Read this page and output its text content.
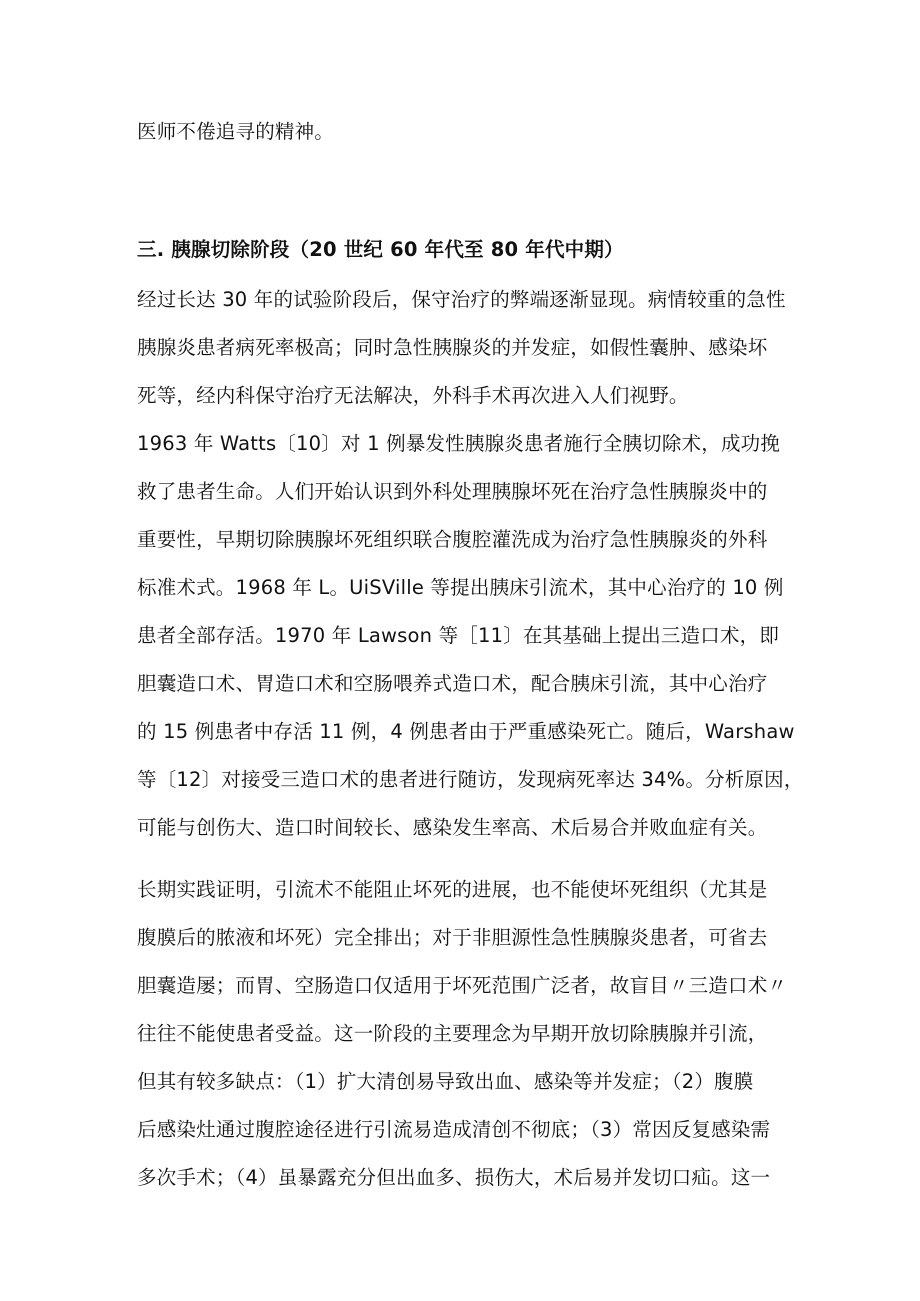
医师不倦追寻的精神。
三. 胰腺切除阶段（20 世纪 60 年代至 80 年代中期）
经过长达 30 年的试验阶段后，保守治疗的弊端逐渐显现。病情较重的急性
胰腺炎患者病死率极高；同时急性胰腺炎的并发症，如假性囊肿、感染坏
死等，经内科保守治疗无法解决，外科手术再次进入人们视野。
1963 年 Watts〔10〕对 1 例暴发性胰腺炎患者施行全胰切除术，成功挽
救了患者生命。人们开始认识到外科处理胰腺坏死在治疗急性胰腺炎中的
重要性，早期切除胰腺坏死组织联合腹腔灌洗成为治疗急性胰腺炎的外科
标准术式。1968 年 L。UiSVille 等提出胰床引流术，其中心治疗的 10 例
患者全部存活。1970 年 Lawson 等［11〕在其基础上提出三造口术，即
胆囊造口术、胃造口术和空肠喂养式造口术，配合胰床引流，其中心治疗
的 15 例患者中存活 11 例，4 例患者由于严重感染死亡。随后，Warshaw
等〔12〕对接受三造口术的患者进行随访，发现病死率达 34%。分析原因，
可能与创伤大、造口时间较长、感染发生率高、术后易合并败血症有关。
长期实践证明，引流术不能阻止坏死的进展，也不能使坏死组织（尤其是
腹膜后的脓液和坏死）完全排出；对于非胆源性急性胰腺炎患者，可省去
胆囊造屡；而胃、空肠造口仅适用于坏死范围广泛者，故盲目〃三造口术〃
往往不能使患者受益。这一阶段的主要理念为早期开放切除胰腺并引流，
但其有较多缺点：（1）扩大清创易导致出血、感染等并发症；（2）腹膜
后感染灶通过腹腔途径进行引流易造成清创不彻底；（3）常因反复感染需
多次手术；（4）虽暴露充分但出血多、损伤大，术后易并发切口疝。这一
